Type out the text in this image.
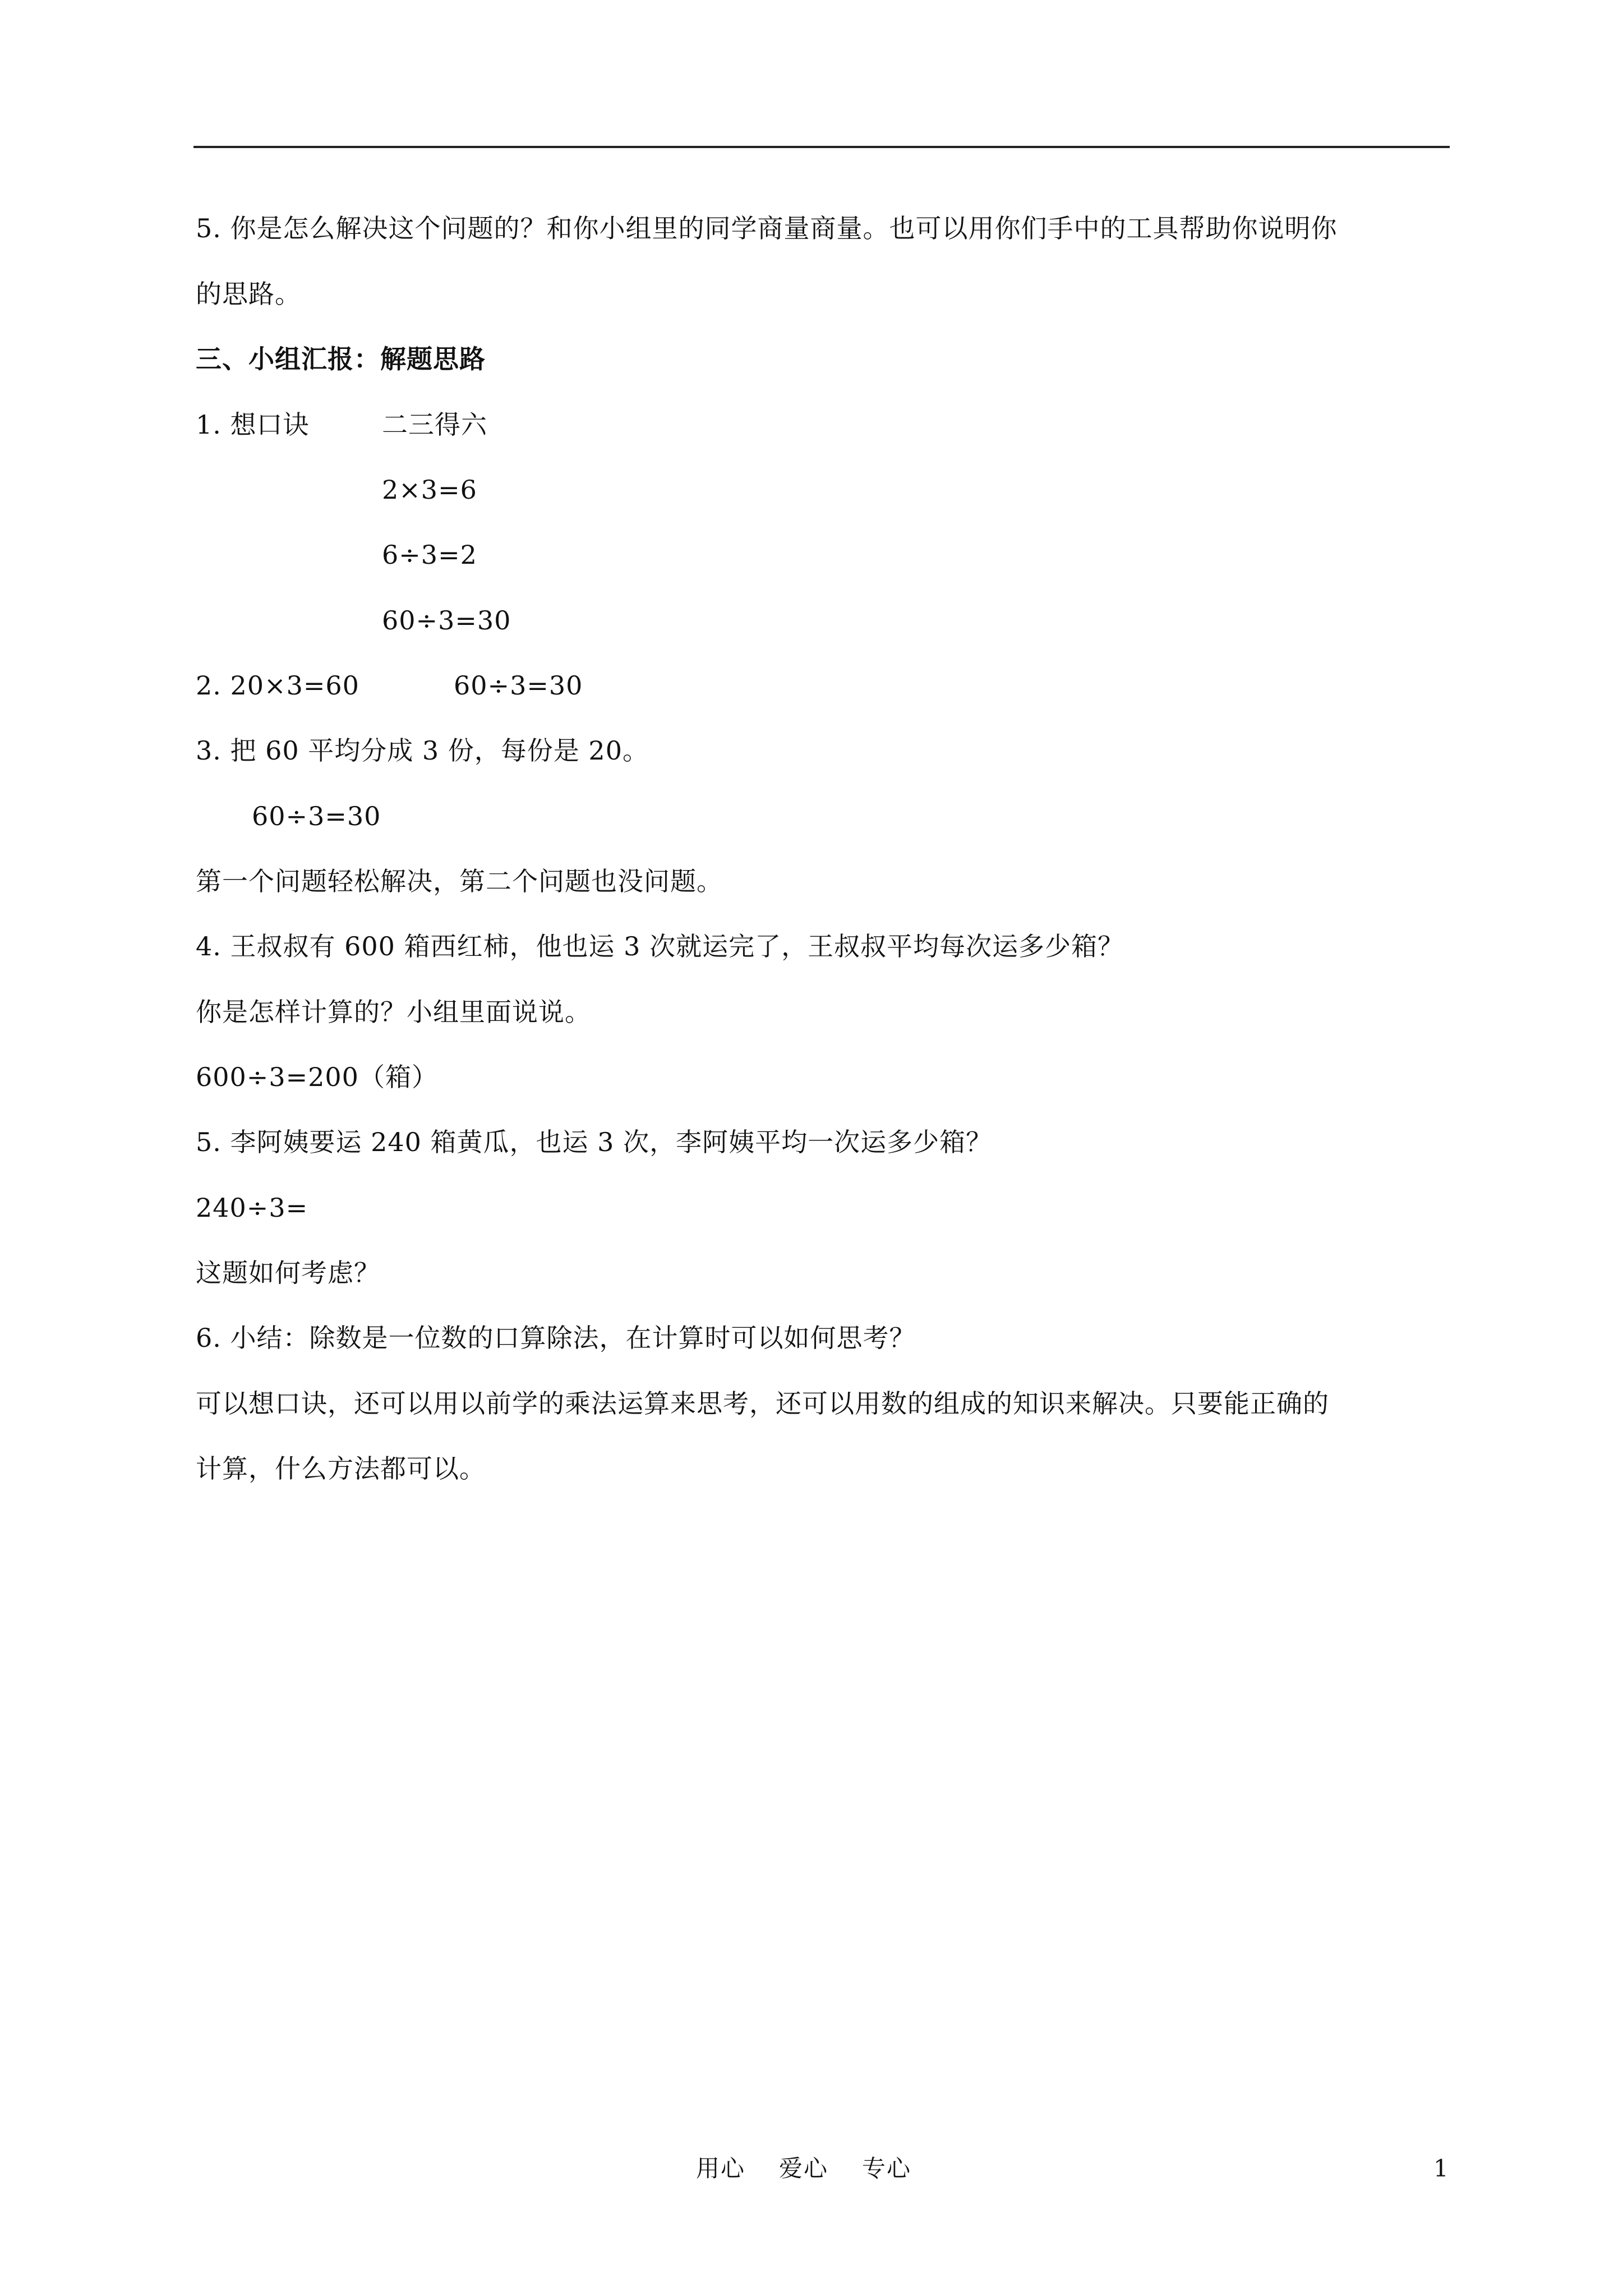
5. 你是怎么解决这个问题的？和你小组里的同学商量商量。也可以用你们手中的工具帮助你说明你
的思路。
三、小组汇报：解题思路
1. 想口诀	二三得六
2×3=6
6÷3=2
60÷3=30
2. 20×3=60	60÷3=30
3. 把 60 平均分成 3 份，每份是 20。
60÷3=30
第一个问题轻松解决，第二个问题也没问题。
4. 王叔叔有 600 箱西红柿，他也运 3 次就运完了，王叔叔平均每次运多少箱？
你是怎样计算的？小组里面说说。
600÷3=200（箱）
5. 李阿姨要运 240 箱黄瓜，也运 3 次，李阿姨平均一次运多少箱？
240÷3=
这题如何考虑？
6. 小结：除数是一位数的口算除法，在计算时可以如何思考？
可以想口诀，还可以用以前学的乘法运算来思考，还可以用数的组成的知识来解决。只要能正确的
计算，什么方法都可以。
用心 爱心 专心	1
